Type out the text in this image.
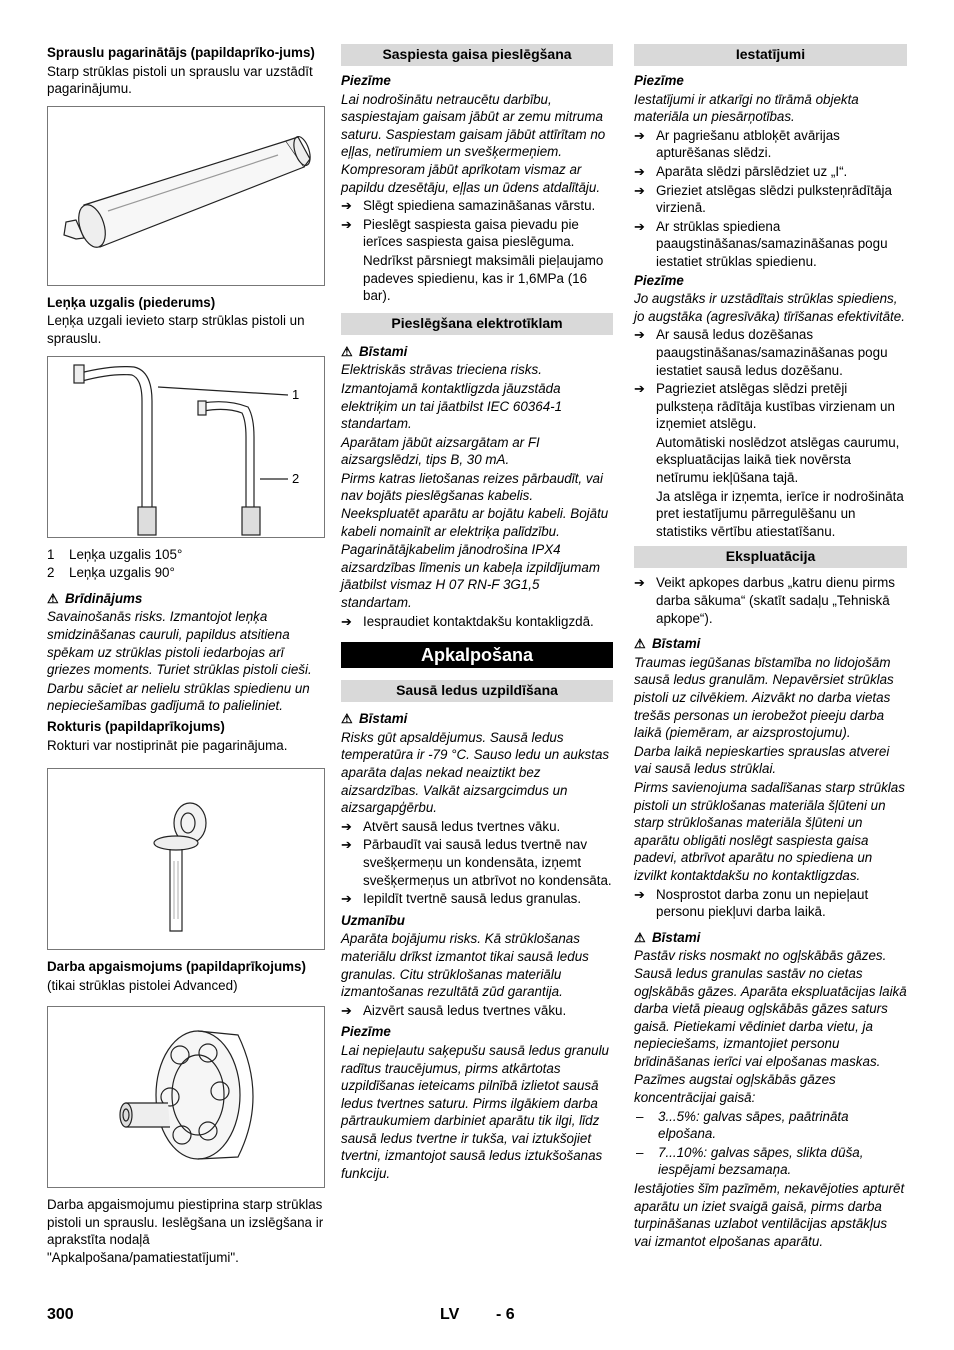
Sprauslu pagarinātājs (papildaprīko-jums)
Starp strūklas pistoli un sprauslu var uzstādīt pagarinājumu.
Leņķa uzgalis (piederums)
Leņķa uzgali ievieto starp strūklas pistoli un sprauslu.
1
2
1	Leņķa uzgalis 105°
2	Leņķa uzgalis 90°
⚠ Brīdinājums
Savainošanās risks. Izmantojot leņķa smidzināšanas cauruli, papildus atsitiena spēkam uz strūklas pistoli iedarbojas arī griezes moments. Turiet strūklas pistoli cieši.
Darbu sāciet ar nelielu strūklas spiedienu un nepieciešamības gadījumā to palieliniet.
Rokturis (papildaprīkojums)
Rokturi var nostiprināt pie pagarinājuma.
Darba apgaismojums (papildaprīkojums)
(tikai strūklas pistolei Advanced)
Darba apgaismojumu piestiprina starp strūklas pistoli un sprauslu. Ieslēgšana un izslēgšana ir aprakstīta nodaļā "Apkalpošana/pamatiestatījumi".
Saspiesta gaisa pieslēgšana
Piezīme
Lai nodrošinātu netraucētu darbību, saspiestajam gaisam jābūt ar zemu mitruma saturu. Saspiestam gaisam jābūt attīrītam no eļļas, netīrumiem un svešķermeņiem. Kompresoram jābūt aprīkotam vismaz ar papildu dzesētāju, eļļas un ūdens atdalītāju.
➔ Slēgt spiediena samazināšanas vārstu.
➔ Pieslēgt saspiesta gaisa pievadu pie ierīces saspiesta gaisa pieslēguma.
Nedrīkst pārsniegt maksimāli pieļaujamo padeves spiedienu, kas ir 1,6MPa (16 bar).
Pieslēgšana elektrotīklam
⚠ Bīstami
Elektriskās strāvas trieciena risks.
Izmantojamā kontaktligzda jāuzstāda elektriķim un tai jāatbilst IEC 60364-1 standartam.
Aparātam jābūt aizsargātam ar FI aizsargslēdzi, tips B, 30 mA.
Pirms katras lietošanas reizes pārbaudīt, vai nav bojāts pieslēgšanas kabelis. Neekspluatēt aparātu ar bojātu kabeli. Bojātu kabeli nomainīt ar elektriķa palīdzību.
Pagarinātājkabelim jānodrošina IPX4 aizsardzības līmenis un kabeļa izpildījumam jāatbilst vismaz H 07 RN-F 3G1,5 standartam.
➔ Iespraudiet kontaktdakšu kontakligzdā.
Apkalpošana
Sausā ledus uzpildīšana
⚠ Bīstami
Risks gūt apsaldējumus. Sausā ledus temperatūra ir -79 °C. Sauso ledu un aukstas aparāta daļas nekad neaiztikt bez aizsardzības. Valkāt aizsargcimdus un aizsargapģērbu.
➔ Atvērt sausā ledus tvertnes vāku.
➔ Pārbaudīt vai sausā ledus tvertnē nav svešķermeņu un kondensāta, izņemt svešķermeņus un atbrīvot no kondensāta.
➔ Iepildīt tvertnē sausā ledus granulas.
Uzmanību
Aparāta bojājumu risks. Kā strūklošanas materiālu drīkst izmantot tikai sausā ledus granulas. Citu strūklošanas materiālu izmantošanas rezultātā zūd garantija.
➔ Aizvērt sausā ledus tvertnes vāku.
Piezīme
Lai nepieļautu saķepušu sausā ledus granulu radītus traucējumus, pirms atkārtotas uzpildīšanas ieteicams pilnībā izlietot sausā ledus tvertnes saturu. Pirms ilgākiem darbа pārtraukumiem darbiniet aparātu tik ilgi, līdz sausā ledus tvertne ir tukša, vai iztukšojiet tvertni, izmantojot sausā ledus iztukšošanas funkciju.
Iestatījumi
Piezīme
Iestatījumi ir atkarīgi no tīrāmā objekta materiāla un piesārņotības.
➔ Ar pagriešanu atbloķēt avārijas apturēšanas slēdzi.
➔ Aparāta slēdzi pārslēdziet uz „I“.
➔ Grieziet atslēgas slēdzi pulksteņrādītāja virzienā.
➔ Ar strūklas spiediena paaugstināšanas/samazināšanas pogu iestatiet strūklas spiedienu.
Piezīme
Jo augstāks ir uzstādītais strūklas spiediens, jo augstāka (agresīvāka) tīrīšanas efektivitāte.
➔ Ar sausā ledus dozēšanas paaugstināšanas/samazināšanas pogu iestatiet sausā ledus dozēšanu.
➔ Pagrieziet atslēgas slēdzi pretēji pulksteņa rādītāja kustības virzienam un izņemiet atslēgu.
Automātiski noslēdzot atslēgas caurumu, ekspluatācijas laikā tiek novērsta netīrumu iekļūšana tajā.
Ja atslēga ir izņemta, ierīce ir nodrošināta pret iestatījumu pārregulēšanu un statistiks vērtību atiestatīšanu.
Ekspluatācija
➔ Veikt apkopes darbus „katru dienu pirms darba sākuma“ (skatīt sadaļu „Tehniskā apkope“).
⚠ Bīstami
Traumas iegūšanas bīstamība no lidojošām sausā ledus granulām. Nepavērsiet strūklas pistoli uz cilvēkiem. Aizvākt no darba vietas trešās personas un ierobežot pieeju darba laikā (piemēram, ar aizsprostojumu).
Darba laikā nepieskarties sprauslas atverei vai sausā ledus strūklai.
Pirms savienojuma sadalīšanas starp strūklas pistoli un strūklošanas materiāla šļūteni un starp strūklošanas materiāla šļūteni un aparātu obligāti noslēgt saspiesta gaisa padevi, atbrīvot aparātu no spiediena un izvilkt kontaktdakšu no kontaktligzdas.
➔ Nosprostot darba zonu un nepieļaut personu piekļuvi darba laikā.
⚠ Bīstami
Pastāv risks nosmakt no ogļskābās gāzes. Sausā ledus granulas sastāv no cietas ogļskābās gāzes. Aparāta ekspluatācijas laikā darba vietā pieaug ogļskābās gāzes saturs gaisā. Pietiekami vēdiniet darba vietu, ja nepieciešams, izmantojiet personu brīdināšanas ierīci vai elpošanas maskas.
Pazīmes augstai ogļskābās gāzes koncentrācijai gaisā:
–	3...5%: galvas sāpes, paātrināta elpošana.
–	7...10%: galvas sāpes, slikta dūša, iespējami bezsamaņa.
Iestājoties šīm pazīmēm, nekavējoties apturēt aparātu un iziet svaigā gaisā, pirms darba turpināšanas uzlabot ventilācijas apstākļus vai izmantot elpošanas aparātu.
300	LV - 6
